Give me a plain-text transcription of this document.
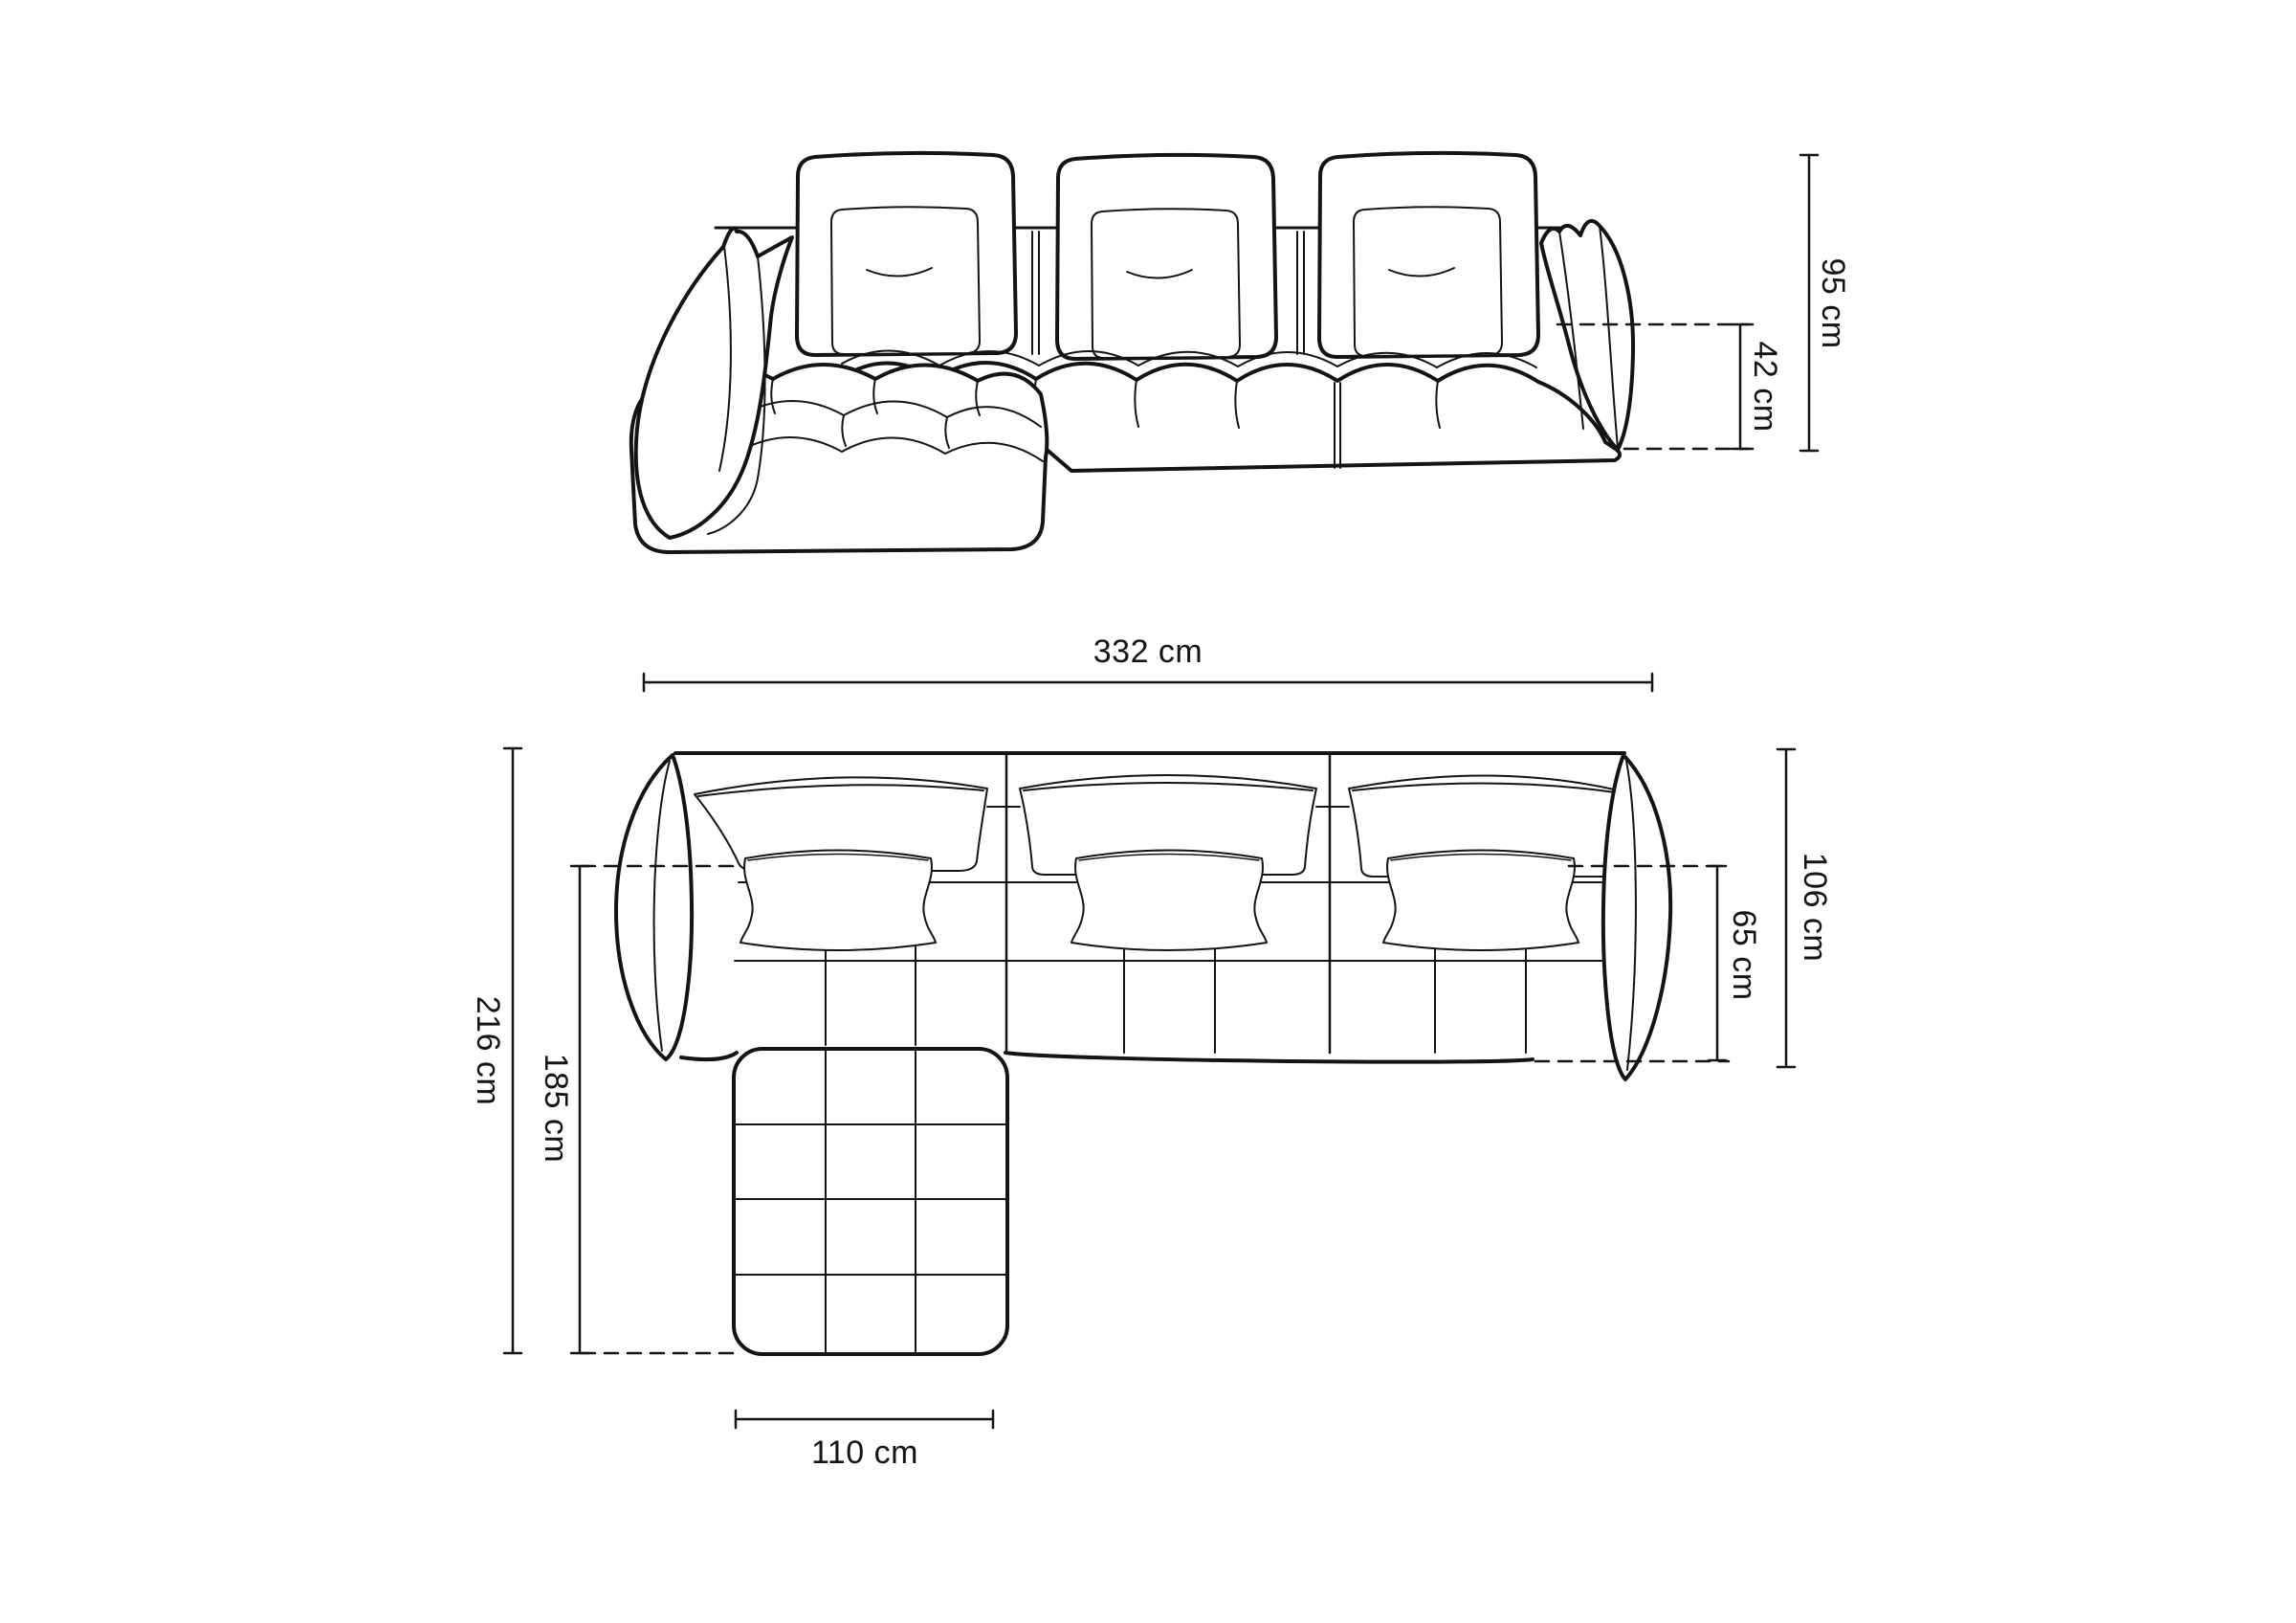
95 cm
42 cm
332 cm
216 cm
185 cm
106 cm
65 cm
110 cm
